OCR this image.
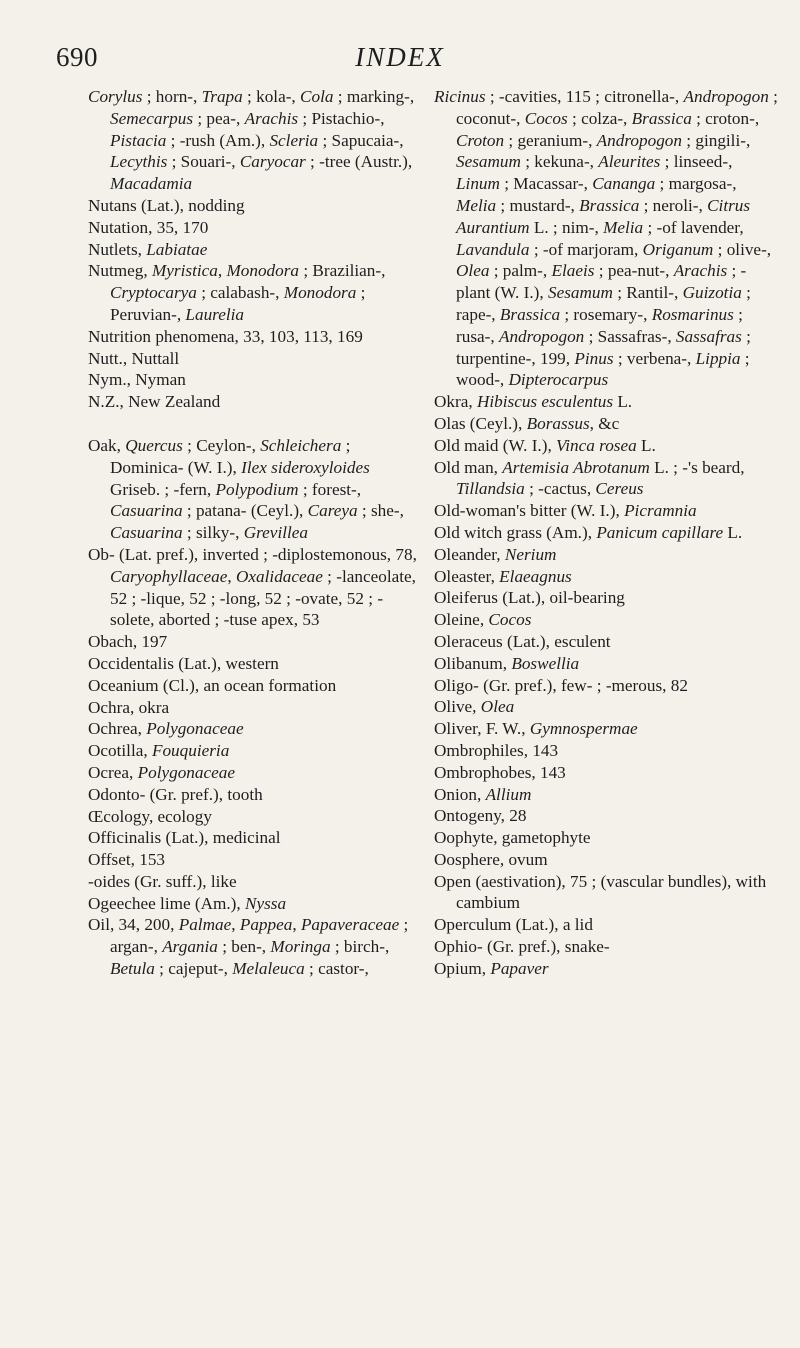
690	INDEX
Corylus ; horn-, Trapa ; kola-, Cola ; marking-, Semecarpus ; pea-, Arachis ; Pistachio-, Pistacia ; -rush (Am.), Scleria ; Sapucaia-, Lecythis ; Souari-, Caryocar ; -tree (Austr.), Macadamia
Nutans (Lat.), nodding
Nutation, 35, 170
Nutlets, Labiatae
Nutmeg, Myristica, Monodora ; Brazilian-, Cryptocarya ; calabash-, Monodora ; Peruvian-, Laurelia
Nutrition phenomena, 33, 103, 113, 169
Nutt., Nuttall
Nym., Nyman
N.Z., New Zealand
Oak, Quercus ; Ceylon-, Schleichera ; Dominica- (W. I.), Ilex sideroxyloides Griseb. ; -fern, Polypodium ; forest-, Casuarina ; patana- (Ceyl.), Careya ; she-, Casuarina ; silky-, Grevillea
Ob- (Lat. pref.), inverted ; -diplostemonous, 78, Caryophyllaceae, Oxalidaceae ; -lanceolate, 52 ; -lique, 52 ; -long, 52 ; -ovate, 52 ; -solete, aborted ; -tuse apex, 53
Obach, 197
Occidentalis (Lat.), western
Oceanium (Cl.), an ocean formation
Ochra, okra
Ochrea, Polygonaceae
Ocotilla, Fouquieria
Ocrea, Polygonaceae
Odonto- (Gr. pref.), tooth
Œcology, ecology
Officinalis (Lat.), medicinal
Offset, 153
-oides (Gr. suff.), like
Ogeechee lime (Am.), Nyssa
Oil, 34, 200, Palmae, Pappea, Papaveraceae ; argan-, Argania ; ben-, Moringa ; birch-, Betula ; cajeput-, Melaleuca ; castor-,
Ricinus ; -cavities, 115 ; citronella-, Andropogon ; coconut-, Cocos ; colza-, Brassica ; croton-, Croton ; geranium-, Andropogon ; gingili-, Sesamum ; kekuna-, Aleurites ; linseed-, Linum ; Macassar-, Cananga ; margosa-, Melia ; mustard-, Brassica ; neroli-, Citrus Aurantium L. ; nim-, Melia ; -of lavender, Lavandula ; -of marjoram, Origanum ; olive-, Olea ; palm-, Elaeis ; pea-nut-, Arachis ; -plant (W. I.), Sesamum ; Rantil-, Guizotia ; rape-, Brassica ; rosemary-, Rosmarinus ; rusa-, Andropogon ; Sassafras-, Sassafras ; turpentine-, 199, Pinus ; verbena-, Lippia ; wood-, Dipterocarpus
Okra, Hibiscus esculentus L.
Olas (Ceyl.), Borassus, &c
Old maid (W. I.), Vinca rosea L.
Old man, Artemisia Abrotanum L. ; -'s beard, Tillandsia ; -cactus, Cereus
Old-woman's bitter (W. I.), Picramnia
Old witch grass (Am.), Panicum capillare L.
Oleander, Nerium
Oleaster, Elaeagnus
Oleiferus (Lat.), oil-bearing
Oleine, Cocos
Oleraceus (Lat.), esculent
Olibanum, Boswellia
Oligo- (Gr. pref.), few- ; -merous, 82
Olive, Olea
Oliver, F. W., Gymnospermae
Ombrophiles, 143
Ombrophobes, 143
Onion, Allium
Ontogeny, 28
Oophyte, gametophyte
Oosphere, ovum
Open (aestivation), 75 ; (vascular bundles), with cambium
Operculum (Lat.), a lid
Ophio- (Gr. pref.), snake-
Opium, Papaver
